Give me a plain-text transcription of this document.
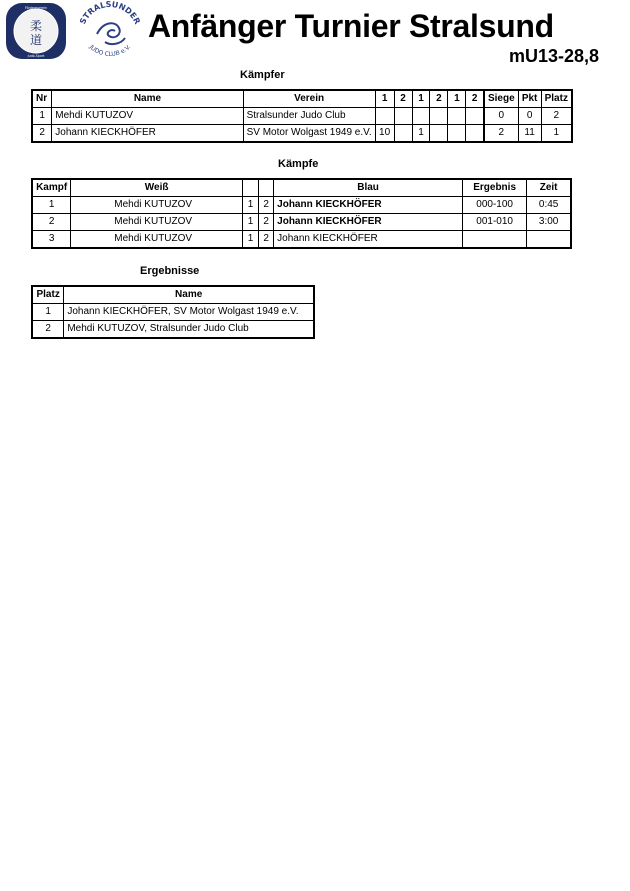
柔
道
Fördereverein
Judo-Sport
STRALSUNDER
JUDO CLUB e.V.
Anfänger Turnier Stralsund
mU13-28,8
Kämpfer
Nr	Name	Verein	1	2	1	2	1	2	Siege	Pkt	Platz
1	Mehdi KUTUZOV	Stralsunder Judo Club							0	0	2
2	Johann KIECKHÖFER	SV Motor Wolgast 1949 e.V.	10		1				2	11	1
Kämpfe
Kampf	Weiß			Blau	Ergebnis	Zeit
1	Mehdi KUTUZOV	1	2	Johann KIECKHÖFER	000-100	0:45
2	Mehdi KUTUZOV	1	2	Johann KIECKHÖFER	001-010	3:00
3	Mehdi KUTUZOV	1	2	Johann KIECKHÖFER		
Ergebnisse
Platz	Name
1	Johann KIECKHÖFER, SV Motor Wolgast 1949 e.V.
2	Mehdi KUTUZOV, Stralsunder Judo Club
